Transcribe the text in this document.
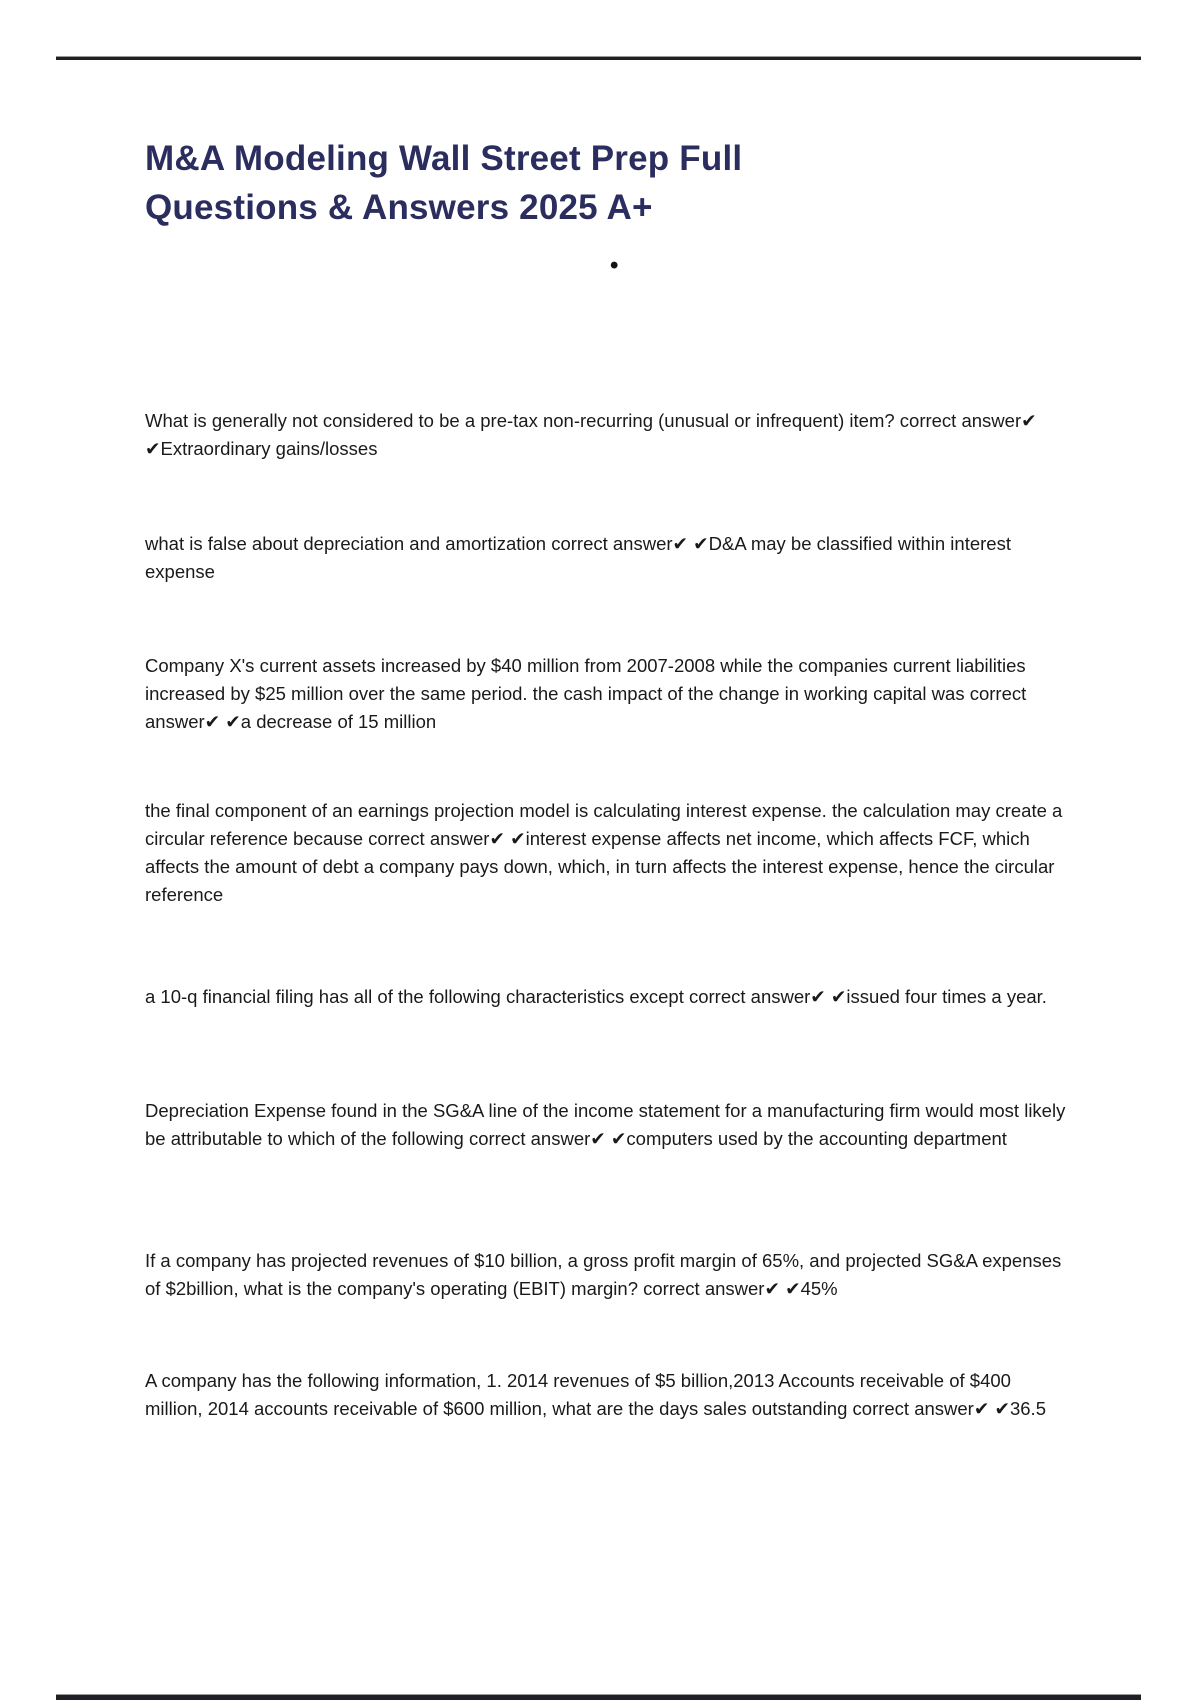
M&A Modeling Wall Street Prep Full
Questions & Answers 2025 A+
•

What is generally not considered to be a pre-tax non-recurring (unusual or infrequent) item? correct answer✔ ✔Extraordinary gains/losses

what is false about depreciation and amortization correct answer✔ ✔D&A may be classified within interest expense

Company X's current assets increased by $40 million from 2007-2008 while the companies current liabilities increased by $25 million over the same period. the cash impact of the change in working capital was correct answer✔ ✔a decrease of 15 million

the final component of an earnings projection model is calculating interest expense. the calculation may create a circular reference because correct answer✔ ✔interest expense affects net income, which affects FCF, which affects the amount of debt a company pays down, which, in turn affects the interest expense, hence the circular reference

a 10-q financial filing has all of the following characteristics except correct answer✔ ✔issued four times a year.

Depreciation Expense found in the SG&A line of the income statement for a manufacturing firm would most likely be attributable to which of the following correct answer✔ ✔computers used by the accounting department

If a company has projected revenues of $10 billion, a gross profit margin of 65%, and projected SG&A expenses of $2billion, what is the company's operating (EBIT) margin? correct answer✔ ✔45%

A company has the following information, 1. 2014 revenues of $5 billion,2013 Accounts receivable of $400 million, 2014 accounts receivable of $600 million, what are the days sales outstanding correct answer✔ ✔36.5
